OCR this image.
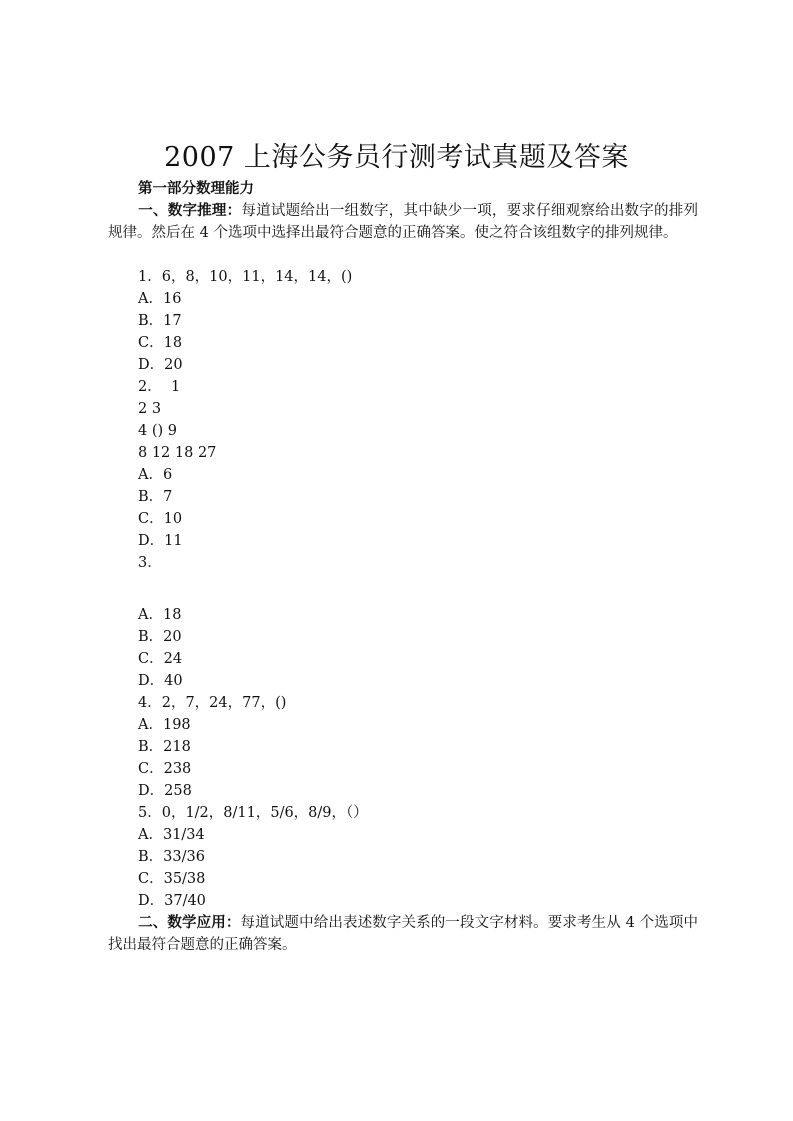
2007 上海公务员行测考试真题及答案
第一部分数理能力
一、数字推理：每道试题给出一组数字，其中缺少一项，要求仔细观察给出数字的排列规律。然后在 4 个选项中选择出最符合题意的正确答案。使之符合该组数字的排列规律。
1．6，8，10，11，14，14，()
A．16
B．17
C．18
D．20
2．  1
2 3
4 () 9
8 12 18 27
A．6
B．7
C．10
D．11
3．
A．18
B．20
C．24
D．40
4．2，7，24，77，()
A．198
B．218
C．238
D．258
5．0，1/2，8/11，5/6，8/9，（）
A．31/34
B．33/36
C．35/38
D．37/40
二、数学应用：每道试题中给出表述数字关系的一段文字材料。要求考生从 4 个选项中找出最符合题意的正确答案。
